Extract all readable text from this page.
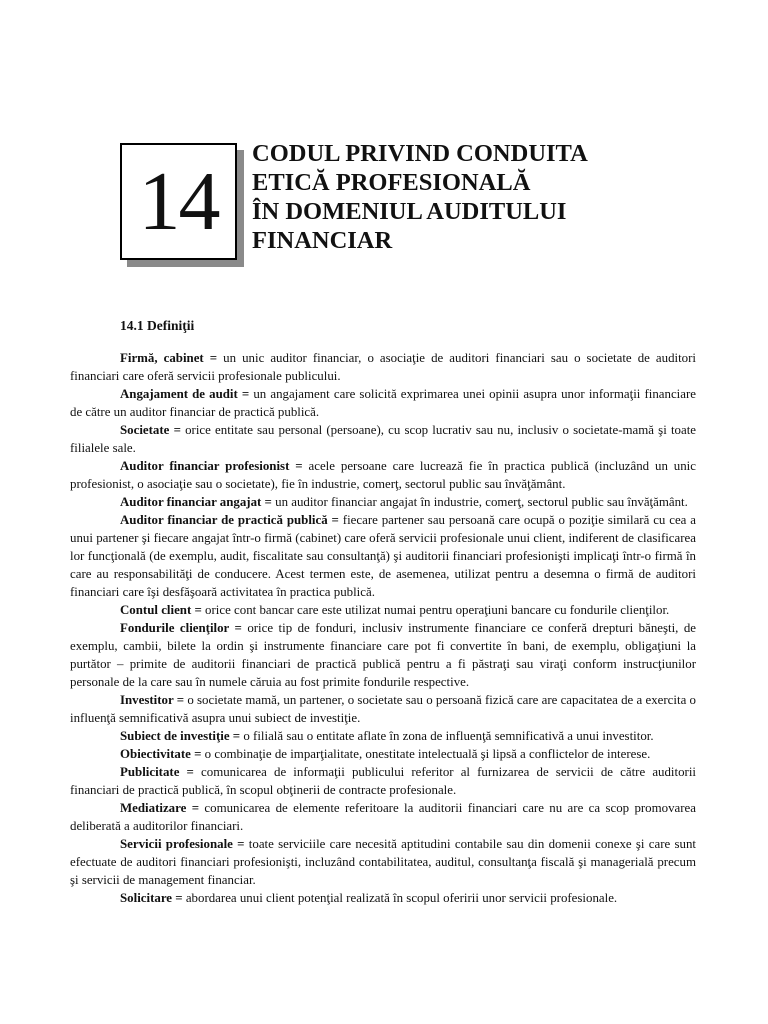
14
CODUL PRIVIND CONDUITA
ETICĂ PROFESIONALĂ
ÎN DOMENIUL AUDITULUI
FINANCIAR
14.1 Definiţii

Firmă, cabinet = un unic auditor financiar, o asociaţie de auditori financiari sau o societate de auditori financiari care oferă servicii profesionale publicului.

Angajament de audit = un angajament care solicită exprimarea unei opinii asupra unor informaţii financiare de către un auditor financiar de practică publică.

Societate = orice entitate sau personal (persoane), cu scop lucrativ sau nu, inclusiv o societate-mamă şi toate filialele sale.

Auditor financiar profesionist = acele persoane care lucrează fie în practica publică (incluzând un unic profesionist, o asociaţie sau o societate), fie în industrie, comerţ, sectorul public sau învăţământ.

Auditor financiar angajat = un auditor financiar angajat în industrie, comerţ, sectorul public sau învăţământ.

Auditor financiar de practică publică = fiecare partener sau persoană care ocupă o poziţie similară cu cea a unui partener şi fiecare angajat într-o firmă (cabinet) care oferă servicii profesionale unui client, indiferent de clasificarea lor funcţională (de exemplu, audit, fiscalitate sau consultanţă) şi auditorii financiari profesionişti implicaţi într-o firmă în care au responsabilităţi de conducere. Acest termen este, de asemenea, utilizat pentru a desemna o firmă de auditori financiari care îşi desfăşoară activitatea în practica publică.

Contul client = orice cont bancar care este utilizat numai pentru operaţiuni bancare cu fondurile clienţilor.

Fondurile clienţilor = orice tip de fonduri, inclusiv instrumente financiare ce conferă drepturi băneşti, de exemplu, cambii, bilete la ordin şi instrumente financiare care pot fi convertite în bani, de exemplu, obligaţiuni la purtător – primite de auditorii financiari de practică publică pentru a fi păstraţi sau viraţi conform instrucţiunilor personale de la care sau în numele căruia au fost primite fondurile respective.

Investitor = o societate mamă, un partener, o societate sau o persoană fizică care are capacitatea de a exercita o influenţă semnificativă asupra unui subiect de investiţie.

Subiect de investiţie = o filială sau o entitate aflate în zona de influenţă semnificativă a unui investitor.

Obiectivitate = o combinaţie de imparţialitate, onestitate intelectuală şi lipsă a conflictelor de interese.

Publicitate = comunicarea de informaţii publicului referitor al furnizarea de servicii de către auditorii financiari de practică publică, în scopul obţinerii de contracte profesionale.

Mediatizare = comunicarea de elemente referitoare la auditorii financiari care nu are ca scop promovarea deliberată a auditorilor financiari.

Servicii profesionale = toate serviciile care necesită aptitudini contabile sau din domenii conexe şi care sunt efectuate de auditori financiari profesionişti, incluzând contabilitatea, auditul, consultanţa fiscală şi managerială precum şi servicii de management financiar.

Solicitare = abordarea unui client potenţial realizată în scopul oferirii unor servicii profesionale.
